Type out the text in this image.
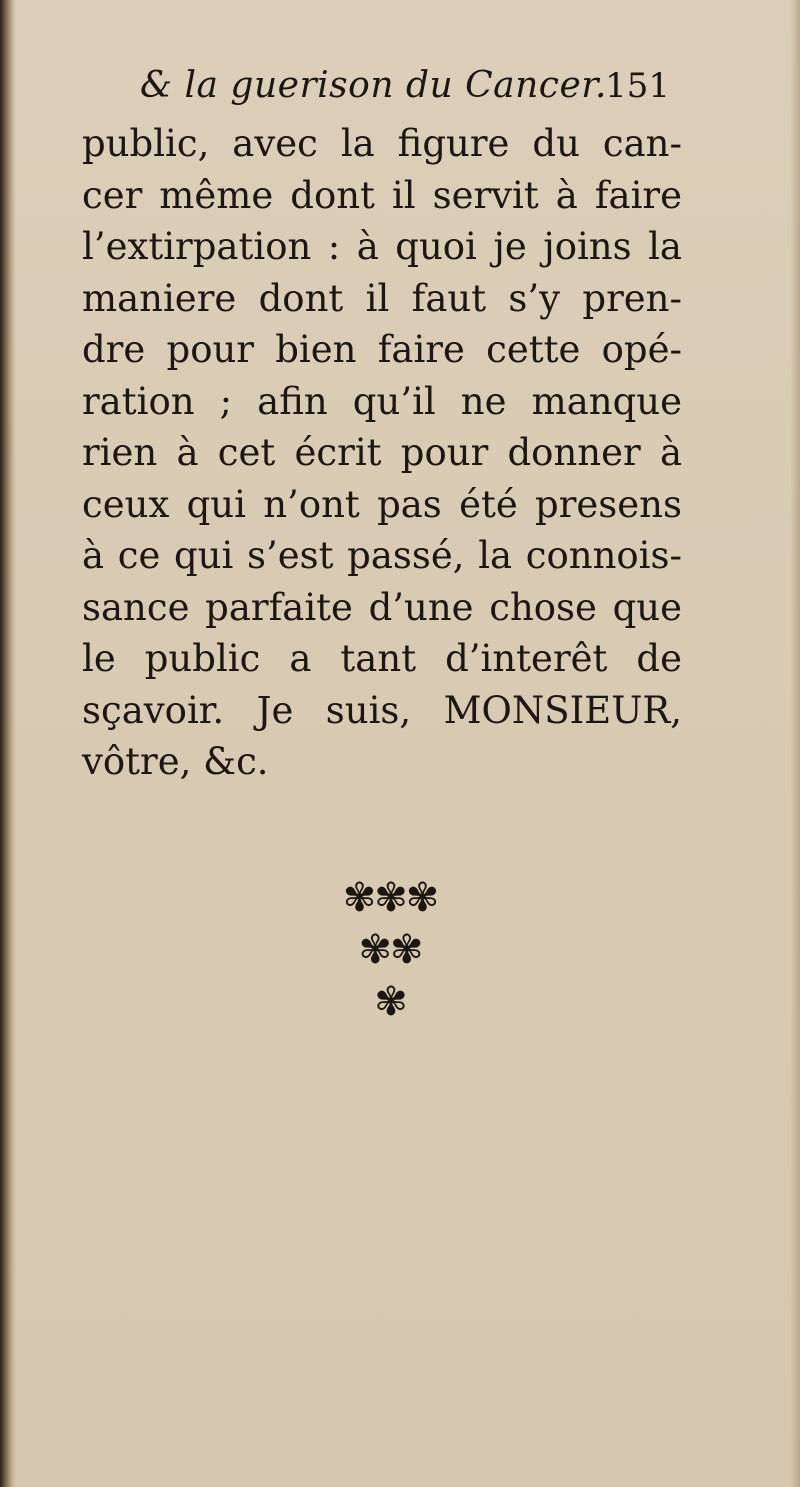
& la guerison du Cancer.
151
public, avec la figure du can-
cer même dont il servit à faire
l’extirpation : à quoi je joins la
maniere dont il faut s’y pren-
dre pour bien faire cette opé-
ration ; afin qu’il ne manque
rien à cet écrit pour donner à
ceux qui n’ont pas été presens
à ce qui s’est passé, la connois-
sance parfaite d’une chose que
le public a tant d’interêt de
sçavoir. Je suis, MONSIEUR,
vôtre, &c.
✾✾✾
✾✾
✾
